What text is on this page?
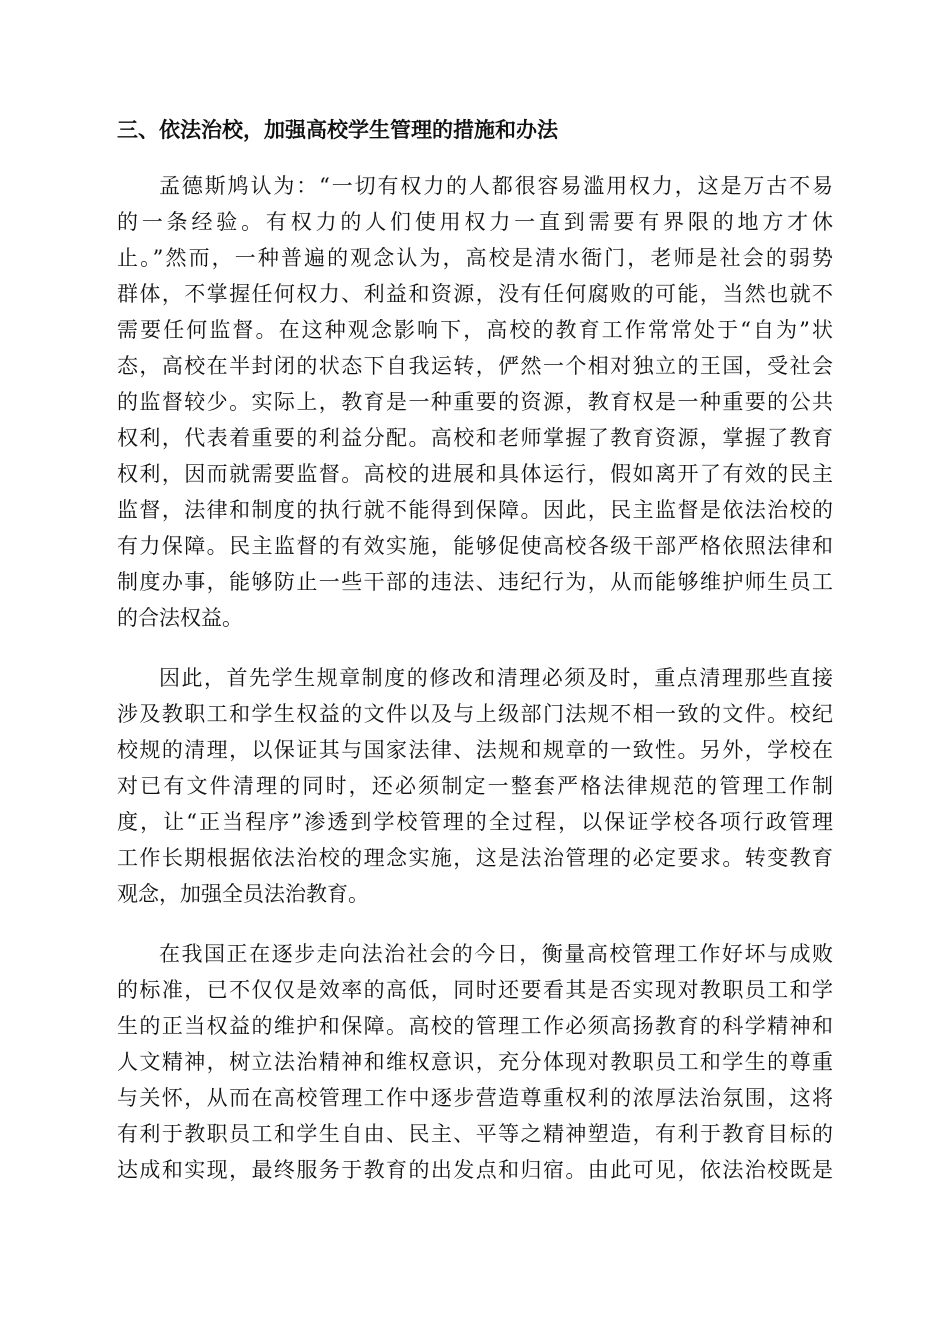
三、依法治校，加强高校学生管理的措施和办法
孟德斯鸠认为：“一切有权力的人都很容易滥用权力，这是万古不易
的一条经验。有权力的人们使用权力一直到需要有界限的地方才休
止。”然而，一种普遍的观念认为，高校是清水衙门，老师是社会的弱势
群体，不掌握任何权力、利益和资源，没有任何腐败的可能，当然也就不
需要任何监督。在这种观念影响下，高校的教育工作常常处于“自为”状
态，高校在半封闭的状态下自我运转，俨然一个相对独立的王国，受社会
的监督较少。实际上，教育是一种重要的资源，教育权是一种重要的公共
权利，代表着重要的利益分配。高校和老师掌握了教育资源，掌握了教育
权利，因而就需要监督。高校的进展和具体运行，假如离开了有效的民主
监督，法律和制度的执行就不能得到保障。因此，民主监督是依法治校的
有力保障。民主监督的有效实施，能够促使高校各级干部严格依照法律和
制度办事，能够防止一些干部的违法、违纪行为，从而能够维护师生员工
的合法权益。
因此，首先学生规章制度的修改和清理必须及时，重点清理那些直接
涉及教职工和学生权益的文件以及与上级部门法规不相一致的文件。校纪
校规的清理，以保证其与国家法律、法规和规章的一致性。另外，学校在
对已有文件清理的同时，还必须制定一整套严格法律规范的管理工作制
度，让“正当程序”渗透到学校管理的全过程，以保证学校各项行政管理
工作长期根据依法治校的理念实施，这是法治管理的必定要求。转变教育
观念，加强全员法治教育。
在我国正在逐步走向法治社会的今日，衡量高校管理工作好坏与成败
的标准，已不仅仅是效率的高低，同时还要看其是否实现对教职员工和学
生的正当权益的维护和保障。高校的管理工作必须高扬教育的科学精神和
人文精神，树立法治精神和维权意识，充分体现对教职员工和学生的尊重
与关怀，从而在高校管理工作中逐步营造尊重权利的浓厚法治氛围，这将
有利于教职员工和学生自由、民主、平等之精神塑造，有利于教育目标的
达成和实现，最终服务于教育的出发点和归宿。由此可见，依法治校既是
